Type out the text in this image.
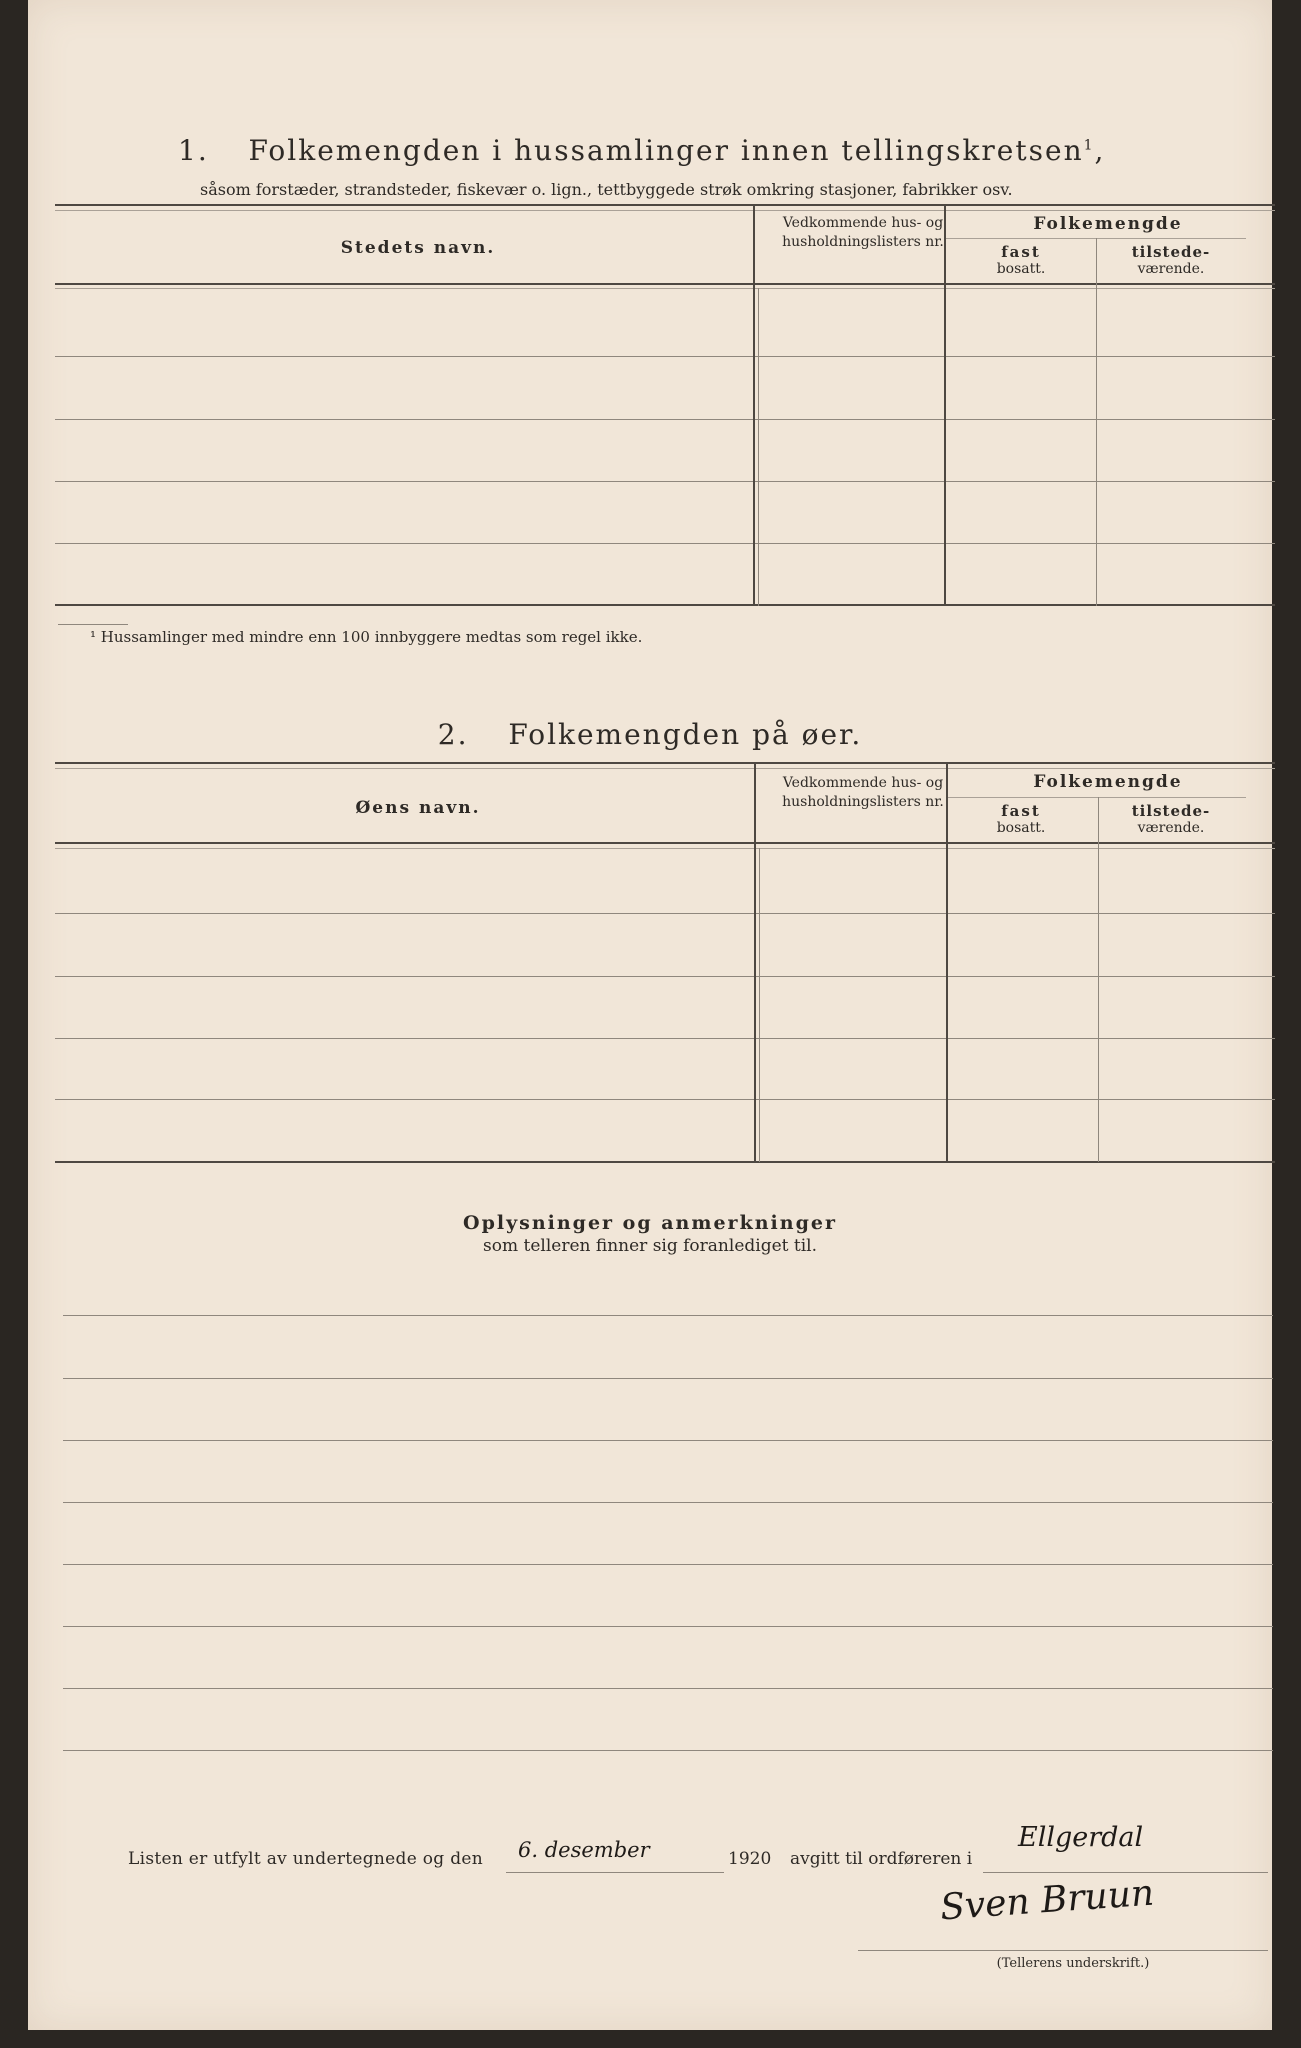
1. Folkemengden i hussamlinger innen tellingskretsen$^1$,
såsom forstæder, strandsteder, fiskevær o. lign., tettbyggede strøk omkring stasjoner, fabrikker osv.
Stedets navn.
Vedkommende hus- og husholdningslisters nr.
Folkemengde
fast
bosatt.
tilstede-
værende.
¹ Hussamlinger med mindre enn 100 innbyggere medtas som regel ikke.
2. Folkemengden på øer.
Øens navn.
Vedkommende hus- og husholdningslisters nr.
Folkemengde
fast
bosatt.
tilstede-
værende.
Oplysninger og anmerkninger
som telleren finner sig foranlediget til.
Listen er utfylt av undertegnede og den 6. desember	1920 avgitt til ordføreren i
Ellgerdal
Sven Bruun
(Tellerens underskrift.)
